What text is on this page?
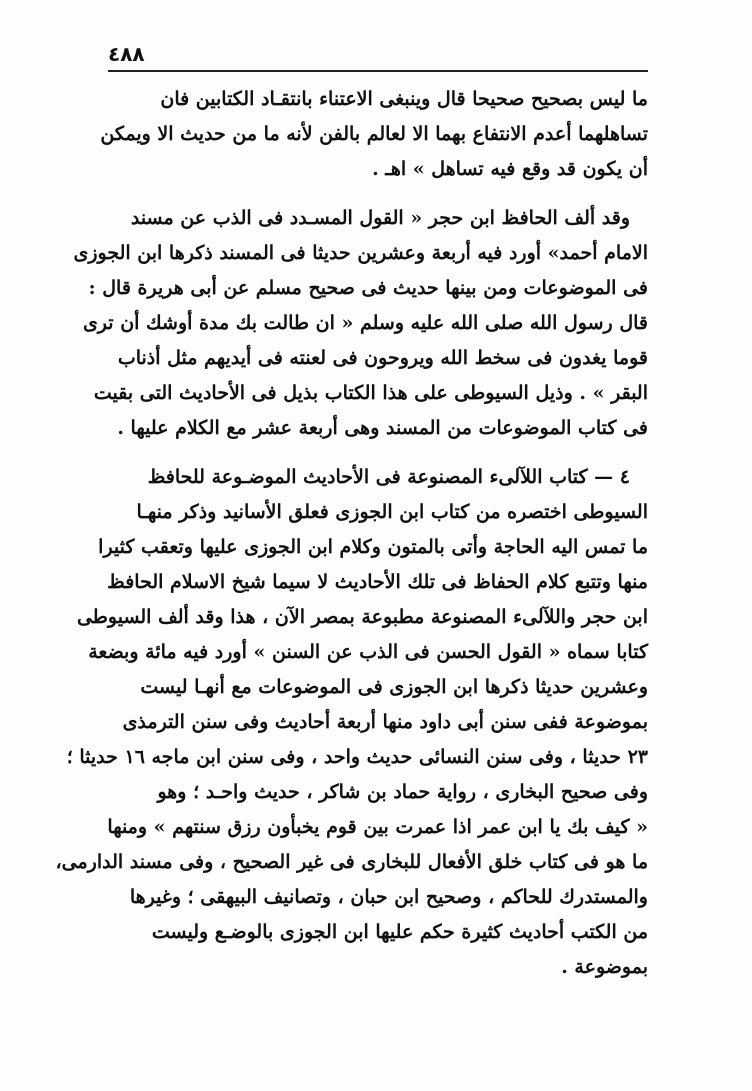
٤٨٨
ما ليس بصحيح صحيحا قال وينبغى الاعتناء بانتقـاد الكتابين فان
تساهلهما أعدم الانتفاع بهما الا لعالم بالفن لأنه ما من حديث الا ويمكن
أن يكون قد وقع فيه تساهل » اهـ .
وقد ألف الحافظ ابن حجر « القول المسـدد فى الذب عن مسند
الامام أحمد» أورد فيه أربعة وعشرين حديثا فى المسند ذكرها ابن الجوزى
فى الموضوعات ومن بينها حديث فى صحيح مسلم عن أبى هريرة قال :
قال رسول الله صلى الله عليه وسلم « ان طالت بك مدة أوشك أن ترى
قوما يغدون فى سخط الله ويروحون فى لعنته فى أيديهم مثل أذناب
البقر » . وذيل السيوطى على هذا الكتاب بذيل فى الأحاديث التى بقيت
فى كتاب الموضوعات من المسند وهى أربعة عشر مع الكلام عليها .
٤ — كتاب اللآلىء المصنوعة فى الأحاديث الموضـوعة للحافظ
السيوطى اختصره من كتاب ابن الجوزى فعلق الأسانيد وذكر منهـا
ما تمس اليه الحاجة وأتى بالمتون وكلام ابن الجوزى عليها وتعقب كثيرا
منها وتتبع كلام الحفاظ فى تلك الأحاديث لا سيما شيخ الاسلام الحافظ
ابن حجر واللآلىء المصنوعة مطبوعة بمصر الآن ، هذا وقد ألف السيوطى
كتابا سماه « القول الحسن فى الذب عن السنن » أورد فيه مائة وبضعة
وعشرين حديثا ذكرها ابن الجوزى فى الموضوعات مع أنهـا ليست
بموضوعة ففى سنن أبى داود منها أربعة أحاديث وفى سنن الترمذى
٢٣ حديثا ، وفى سنن النسائى حديث واحد ، وفى سنن ابن ماجه ١٦ حديثا ؛
وفى صحيح البخارى ، رواية حماد بن شاكر ، حديث واحـد ؛ وهو
« كيف بك يا ابن عمر اذا عمرت بين قوم يخبأون رزق سنتهم » ومنها
ما هو فى كتاب خلق الأفعال للبخارى فى غير الصحيح ، وفى مسند الدارمى،
والمستدرك للحاكم ، وصحيح ابن حبان ، وتصانيف البيهقى ؛ وغيرها
من الكتب أحاديث كثيرة حكم عليها ابن الجوزى بالوضـع وليست
بموضوعة .
